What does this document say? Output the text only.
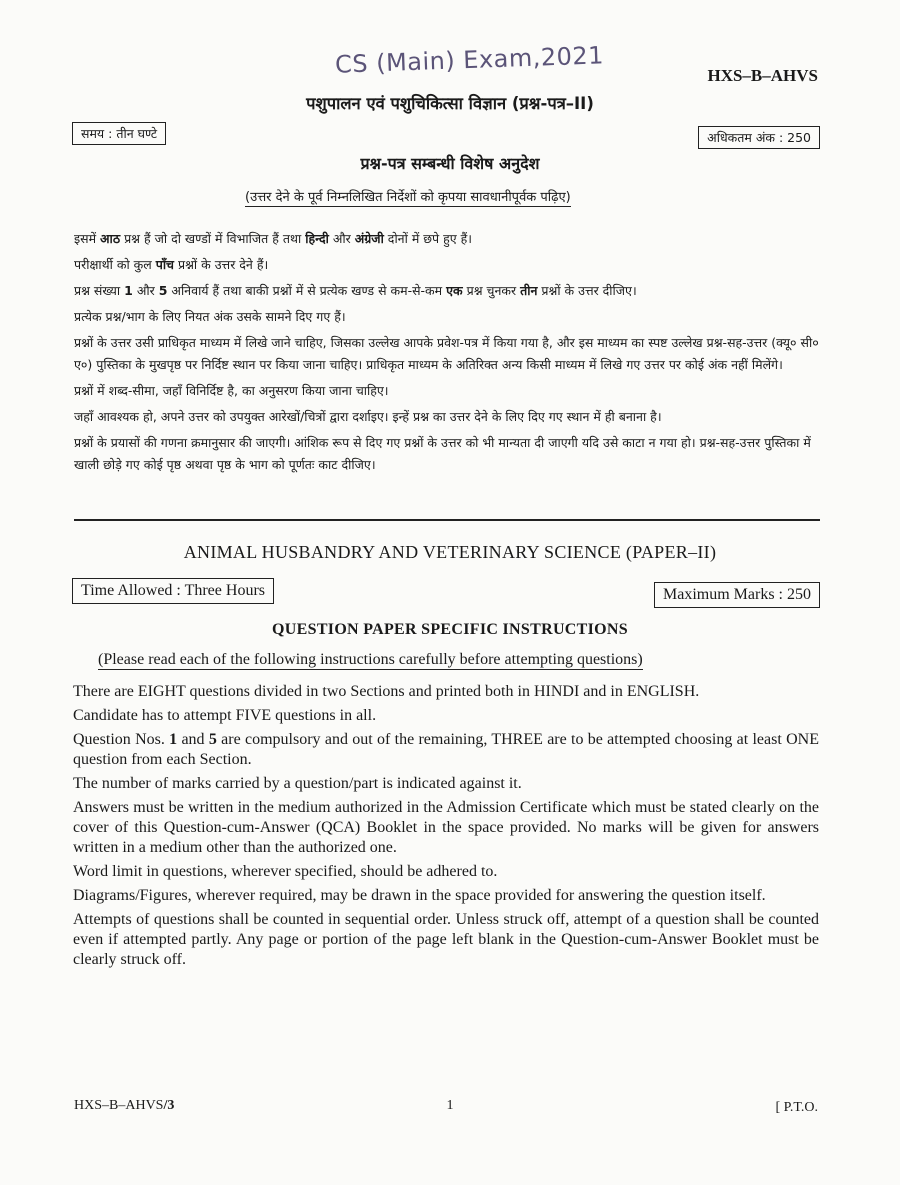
CS (Main) Exam,2021	HXS–B–AHVS
पशुपालन एवं पशुचिकित्सा विज्ञान (प्रश्न-पत्र–II)
समय : तीन घण्टे	अधिकतम अंक : 250
प्रश्न-पत्र सम्बन्धी विशेष अनुदेश
(उत्तर देने के पूर्व निम्नलिखित निर्देशों को कृपया सावधानीपूर्वक पढ़िए)

इसमें आठ प्रश्न हैं जो दो खण्डों में विभाजित हैं तथा हिन्दी और अंग्रेजी दोनों में छपे हुए हैं।

परीक्षार्थी को कुल पाँच प्रश्नों के उत्तर देने हैं।

प्रश्न संख्या 1 और 5 अनिवार्य हैं तथा बाकी प्रश्नों में से प्रत्येक खण्ड से कम-से-कम एक प्रश्न चुनकर तीन प्रश्नों के उत्तर दीजिए।

प्रत्येक प्रश्न/भाग के लिए नियत अंक उसके सामने दिए गए हैं।

प्रश्नों के उत्तर उसी प्राधिकृत माध्यम में लिखे जाने चाहिए, जिसका उल्लेख आपके प्रवेश-पत्र में किया गया है, और इस माध्यम का स्पष्ट उल्लेख प्रश्न-सह-उत्तर (क्यू० सी० ए०) पुस्तिका के मुखपृष्ठ पर निर्दिष्ट स्थान पर किया जाना चाहिए। प्राधिकृत माध्यम के अतिरिक्त अन्य किसी माध्यम में लिखे गए उत्तर पर कोई अंक नहीं मिलेंगे।

प्रश्नों में शब्द-सीमा, जहाँ विनिर्दिष्ट है, का अनुसरण किया जाना चाहिए।

जहाँ आवश्यक हो, अपने उत्तर को उपयुक्त आरेखों/चित्रों द्वारा दर्शाइए। इन्हें प्रश्न का उत्तर देने के लिए दिए गए स्थान में ही बनाना है।

प्रश्नों के प्रयासों की गणना क्रमानुसार की जाएगी। आंशिक रूप से दिए गए प्रश्नों के उत्तर को भी मान्यता दी जाएगी यदि उसे काटा न गया हो। प्रश्न-सह-उत्तर पुस्तिका में खाली छोड़े गए कोई पृष्ठ अथवा पृष्ठ के भाग को पूर्णतः काट दीजिए।

ANIMAL HUSBANDRY AND VETERINARY SCIENCE (PAPER–II)
Time Allowed : Three Hours	Maximum Marks : 250
QUESTION PAPER SPECIFIC INSTRUCTIONS
(Please read each of the following instructions carefully before attempting questions)

There are EIGHT questions divided in two Sections and printed both in HINDI and in ENGLISH.

Candidate has to attempt FIVE questions in all.

Question Nos. 1 and 5 are compulsory and out of the remaining, THREE are to be attempted choosing at least ONE question from each Section.

The number of marks carried by a question/part is indicated against it.

Answers must be written in the medium authorized in the Admission Certificate which must be stated clearly on the cover of this Question-cum-Answer (QCA) Booklet in the space provided. No marks will be given for answers written in a medium other than the authorized one.

Word limit in questions, wherever specified, should be adhered to.

Diagrams/Figures, wherever required, may be drawn in the space provided for answering the question itself.

Attempts of questions shall be counted in sequential order. Unless struck off, attempt of a question shall be counted even if attempted partly. Any page or portion of the page left blank in the Question-cum-Answer Booklet must be clearly struck off.

HXS–B–AHVS/3	1	[ P.T.O.
